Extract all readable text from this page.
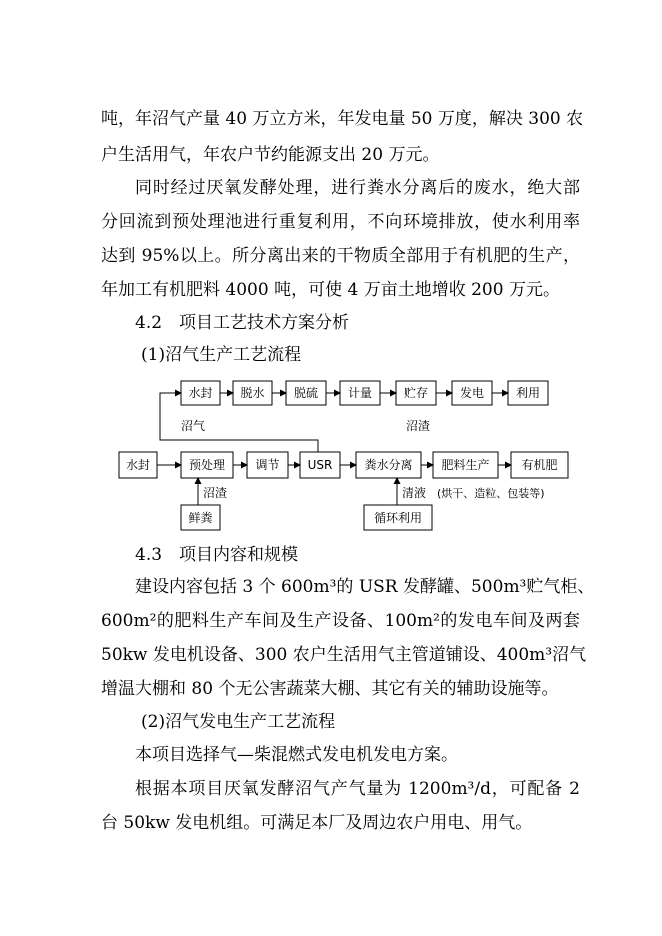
吨，年沼气产量 40 万立方米，年发电量 50 万度，解决 300 农

户生活用气，年农户节约能源支出 20 万元。

同时经过厌氧发酵处理，进行粪水分离后的废水，绝大部

分回流到预处理池进行重复利用，不向环境排放，使水利用率

达到 95%以上。所分离出来的干物质全部用于有机肥的生产，

年加工有机肥料 4000 吨，可使 4 万亩土地增收 200 万元。

4.2　项目工艺技术方案分析

(1)沼气生产工艺流程

水封 脱水 脱硫 计量	贮存	发电	利用
沼气	沼渣
水封	预处理	调节 USR	粪水分离 肥料生产	有机肥
沼渣
鲜粪
清液 (烘干、造粒、包装等)
循环利用

4.3　项目内容和规模

建设内容包括 3 个 600m³的 USR 发酵罐、500m³贮气柜、

600m²的肥料生产车间及生产设备、100m²的发电车间及两套

50kw 发电机设备、300 农户生活用气主管道铺设、400m³沼气

增温大棚和 80 个无公害蔬菜大棚、其它有关的辅助设施等。

(2)沼气发电生产工艺流程

本项目选择气—柴混燃式发电机发电方案。

根据本项目厌氧发酵沼气产气量为 1200m³/d，可配备 2

台 50kw 发电机组。可满足本厂及周边农户用电、用气。
